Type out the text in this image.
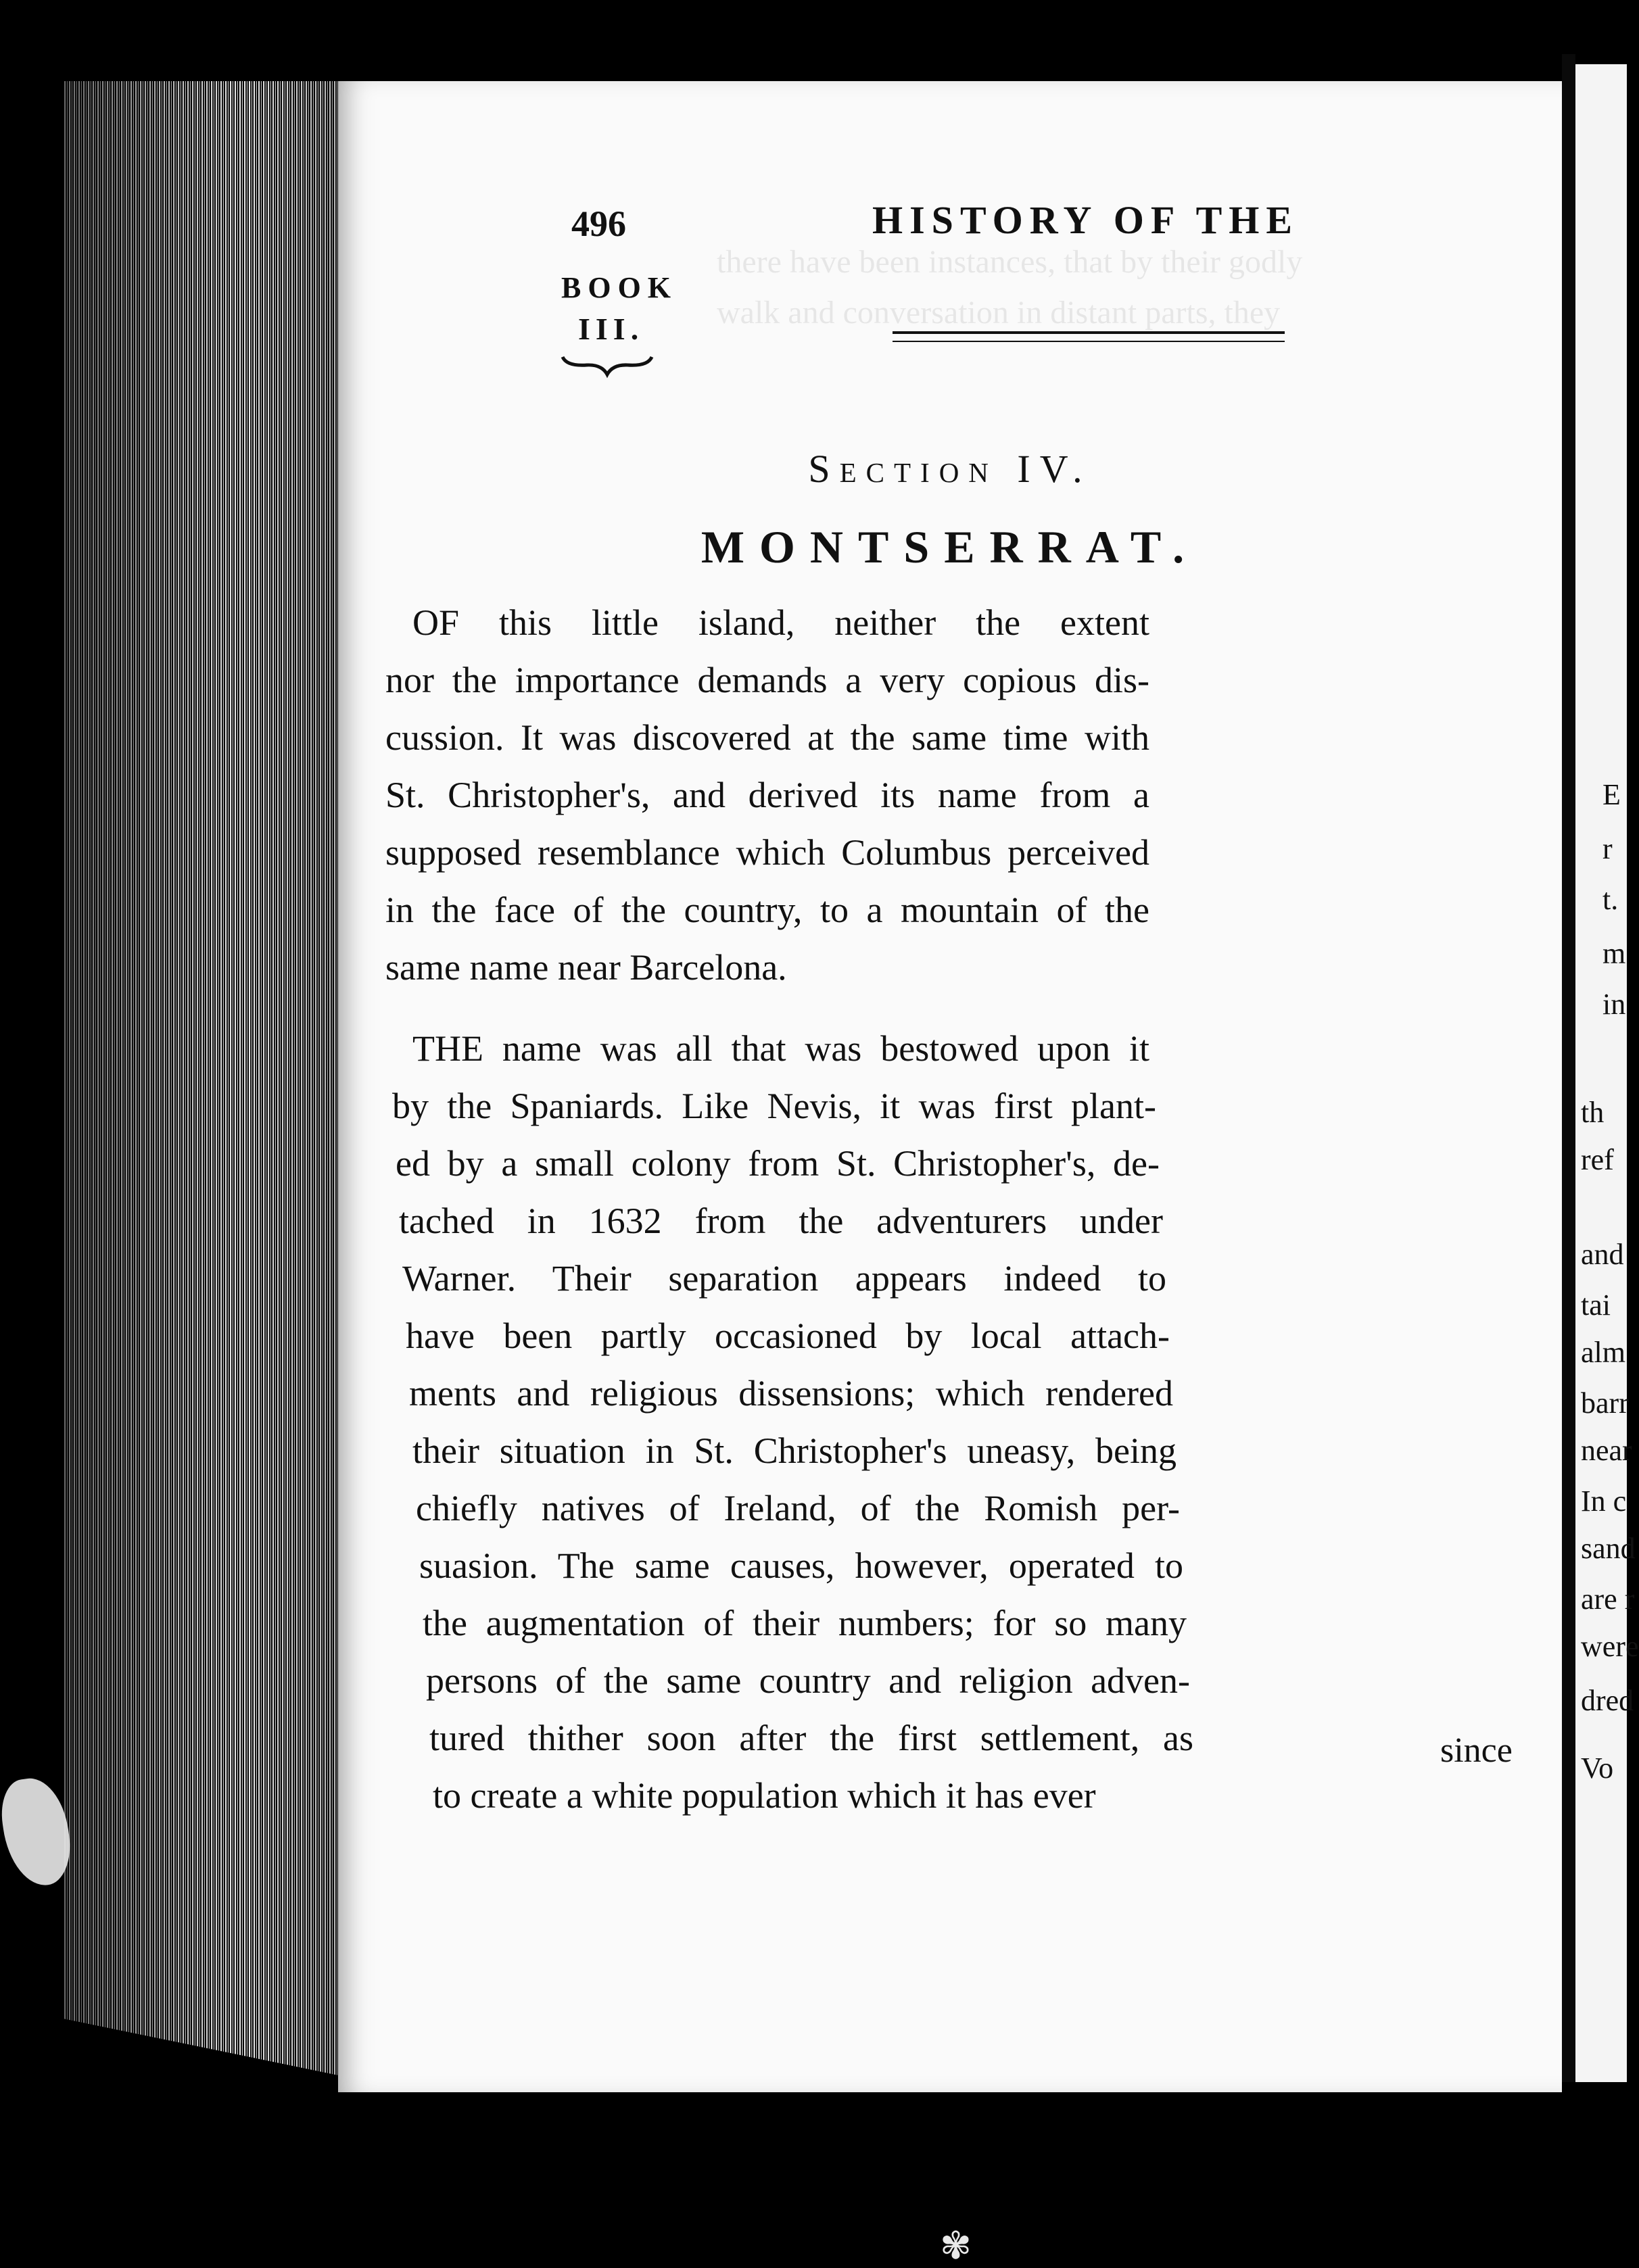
E
r
t.
m
in
th
ref
and
tai
alm
barr
near
In c
sand
are r
were
dred
Vo
there have been instances, that by their godly
walk and conversation in distant parts, they
496	HISTORY OF THE
BOOK
III.
Section IV.
MONTSERRAT.
OF this little island, neither the extent
nor the importance demands a very copious dis-
cussion. It was discovered at the same time with
St. Christopher's, and derived its name from a
supposed resemblance which Columbus perceived
in the face of the country, to a mountain of the
same name near Barcelona.
THE name was all that was bestowed upon it
by the Spaniards. Like Nevis, it was first plant-
ed by a small colony from St. Christopher's, de-
tached in 1632 from the adventurers under
Warner. Their separation appears indeed to
have been partly occasioned by local attach-
ments and religious dissensions; which rendered
their situation in St. Christopher's uneasy, being
chiefly natives of Ireland, of the Romish per-
suasion. The same causes, however, operated to
the augmentation of their numbers; for so many
persons of the same country and religion adven-
tured thither soon after the first settlement, as
to create a white population which it has ever
since
✾
